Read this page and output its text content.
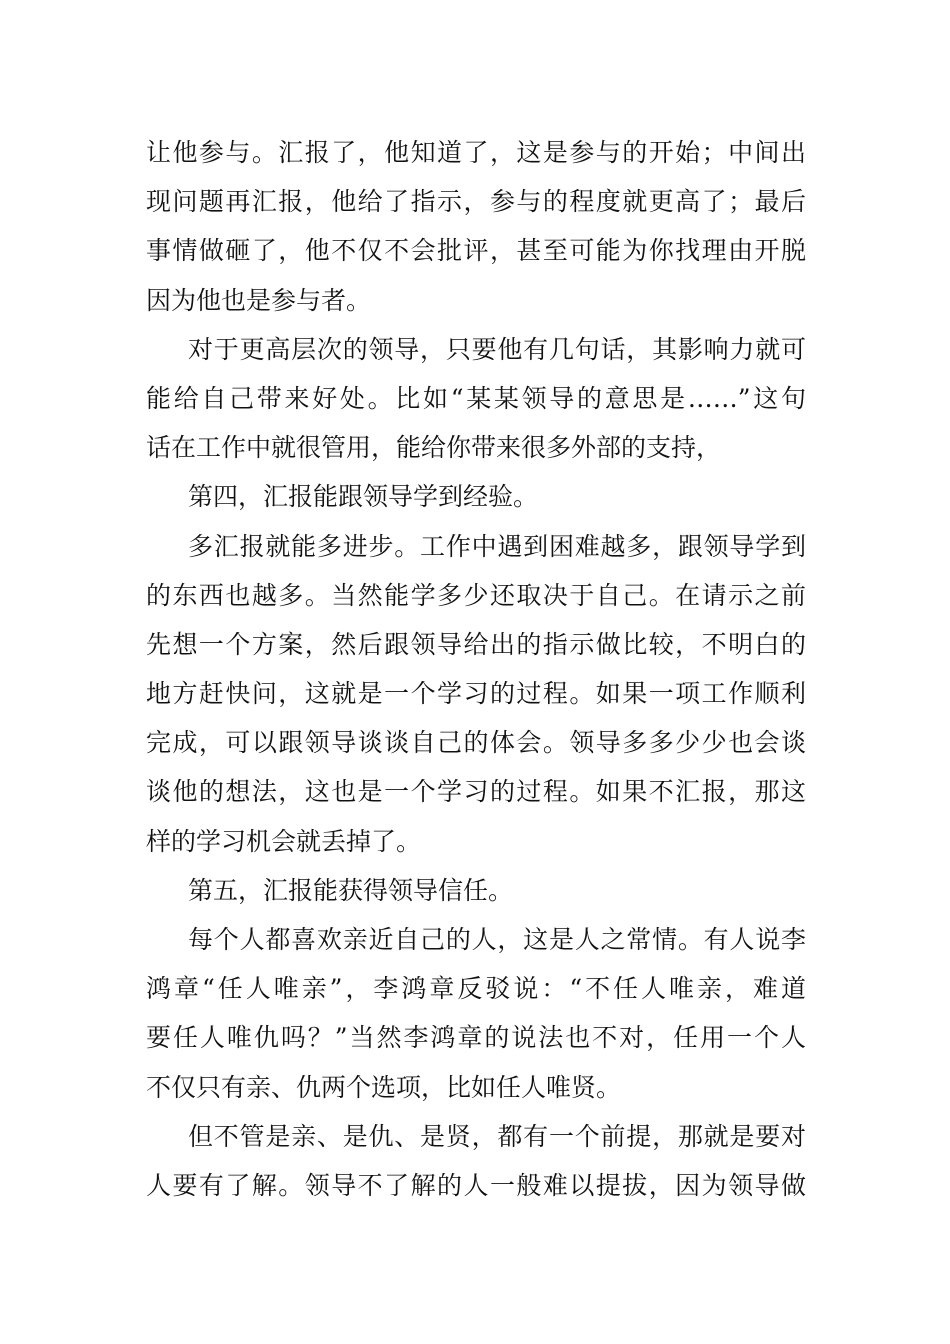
让他参与。汇报了，他知道了，这是参与的开始；中间出
现问题再汇报，他给了指示，参与的程度就更高了；最后
事情做砸了，他不仅不会批评，甚至可能为你找理由开脱
因为他也是参与者。
对于更高层次的领导，只要他有几句话，其影响力就可
能给自己带来好处。比如“某某领导的意思是……”这句
话在工作中就很管用，能给你带来很多外部的支持，
第四，汇报能跟领导学到经验。
多汇报就能多进步。工作中遇到困难越多，跟领导学到
的东西也越多。当然能学多少还取决于自己。在请示之前
先想一个方案，然后跟领导给出的指示做比较，不明白的
地方赶快问，这就是一个学习的过程。如果一项工作顺利
完成，可以跟领导谈谈自己的体会。领导多多少少也会谈
谈他的想法，这也是一个学习的过程。如果不汇报，那这
样的学习机会就丢掉了。
第五，汇报能获得领导信任。
每个人都喜欢亲近自己的人，这是人之常情。有人说李
鸿章“任人唯亲”，李鸿章反驳说：“不任人唯亲，难道
要任人唯仇吗？”当然李鸿章的说法也不对，任用一个人
不仅只有亲、仇两个选项，比如任人唯贤。
但不管是亲、是仇、是贤，都有一个前提，那就是要对
人要有了解。领导不了解的人一般难以提拔，因为领导做
